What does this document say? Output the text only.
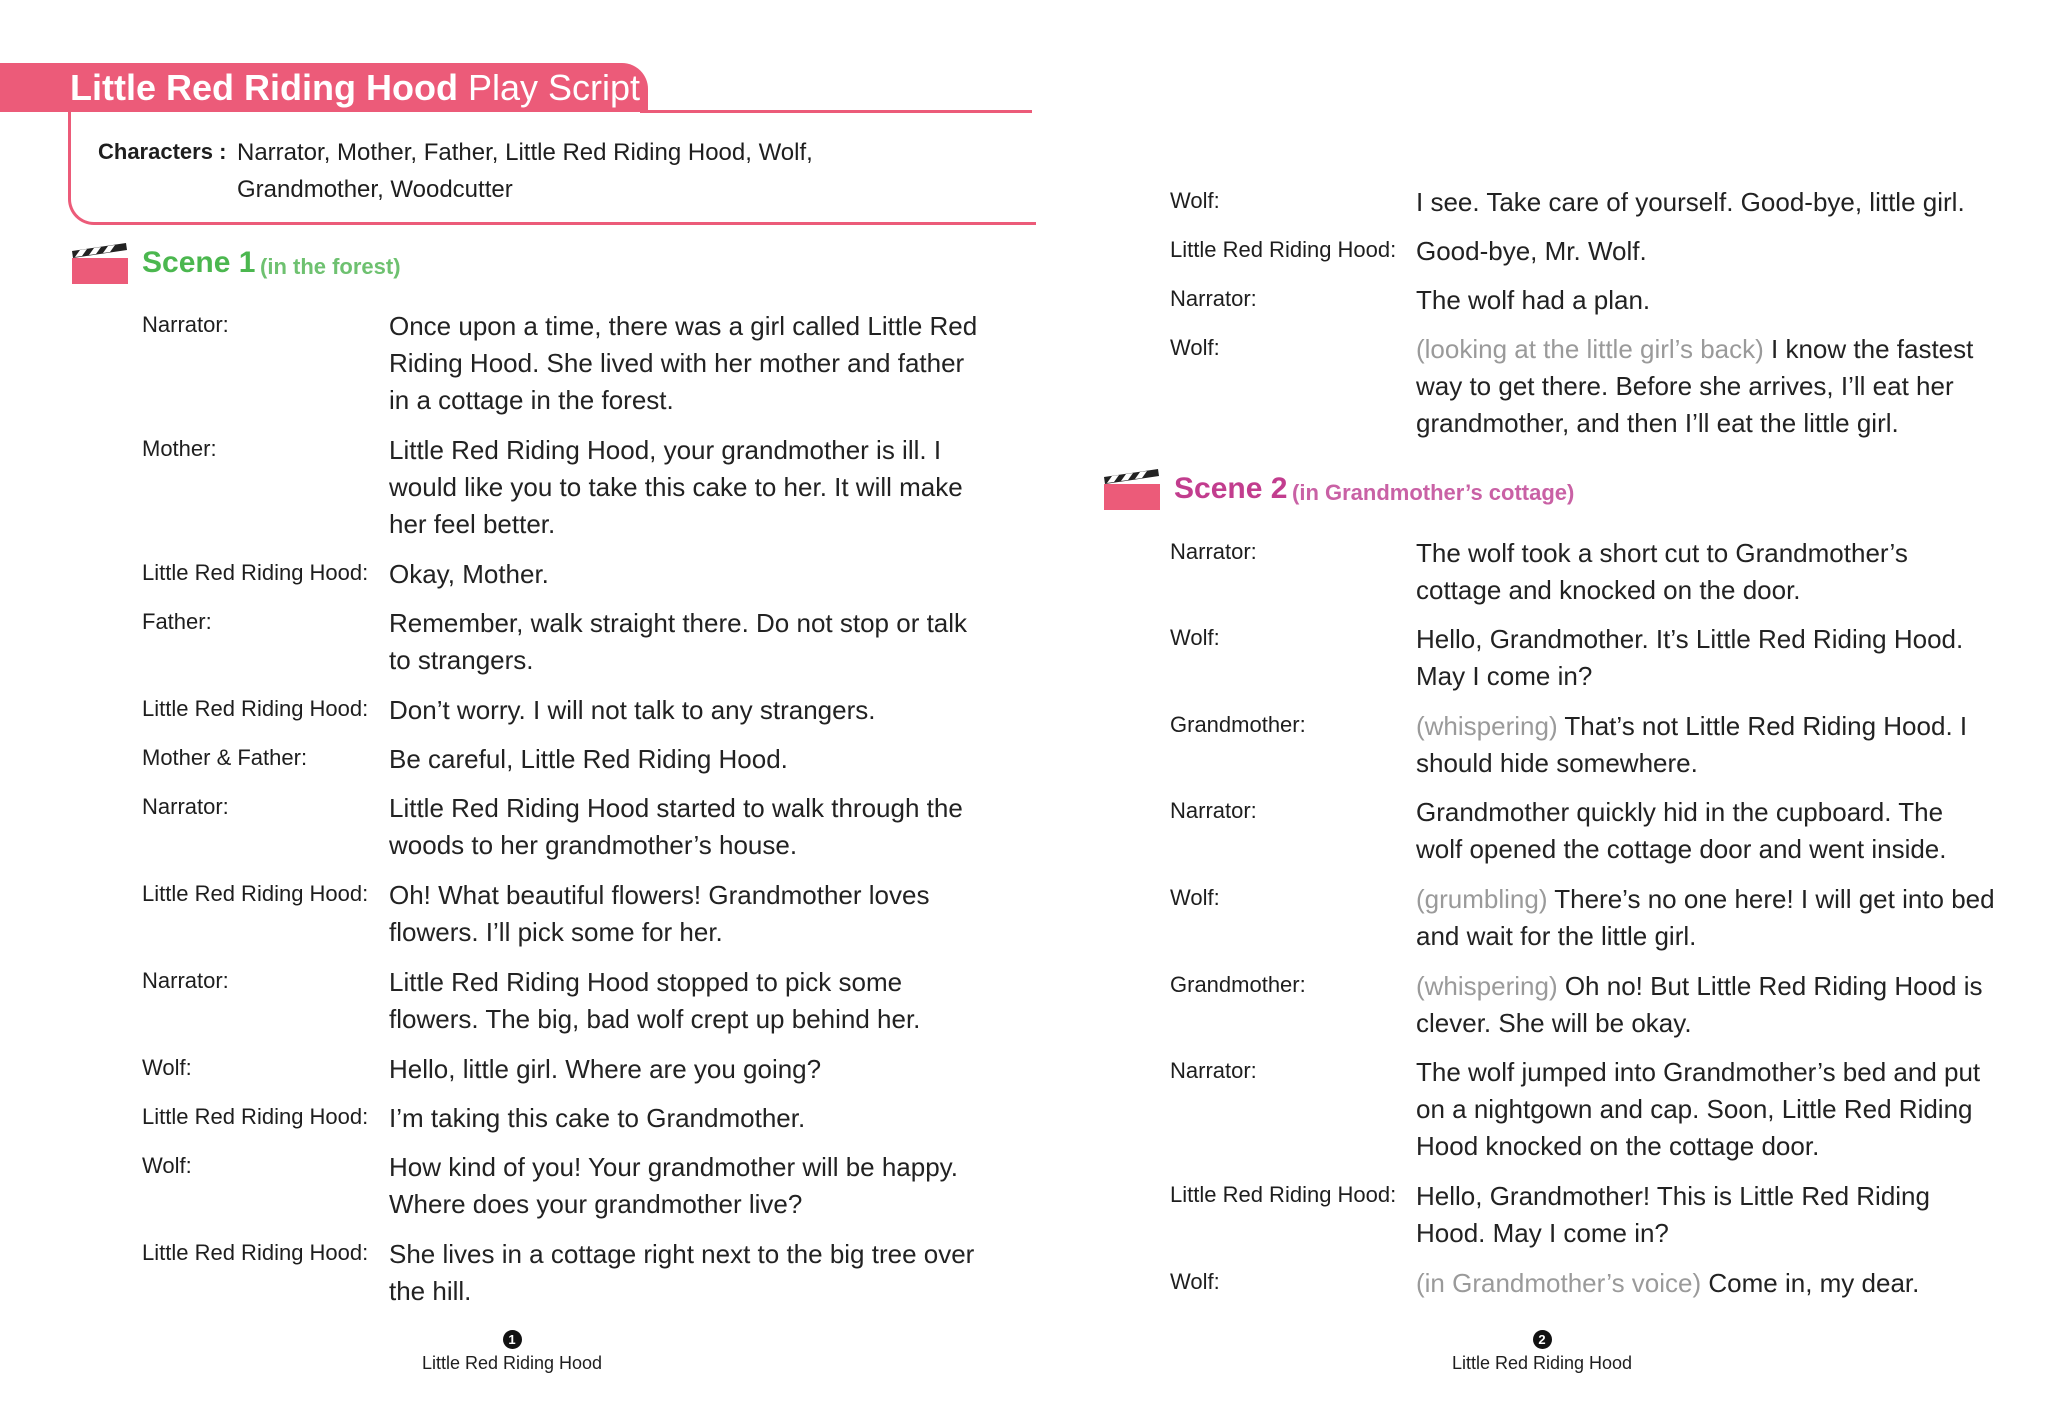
Little Red Riding Hood Play Script
Characters : Narrator, Mother, Father, Little Red Riding Hood, Wolf, Grandmother, Woodcutter
Scene 1 (in the forest)
Scene 2 (in Grandmother’s cottage)
Narrator:	Once upon a time, there was a girl called Little Red Riding Hood. She lived with her mother and father in a cottage in the forest.
Mother:	Little Red Riding Hood, your grandmother is ill. I would like you to take this cake to her. It will make her feel better.
Little Red Riding Hood: Okay, Mother.
Father:	Remember, walk straight there. Do not stop or talk to strangers.
Little Red Riding Hood: Don’t worry. I will not talk to any strangers.
Mother & Father:	Be careful, Little Red Riding Hood.
Narrator:	Little Red Riding Hood started to walk through the woods to her grandmother’s house.
Little Red Riding Hood: Oh! What beautiful flowers! Grandmother loves flowers. I’ll pick some for her.
Narrator:	Little Red Riding Hood stopped to pick some flowers. The big, bad wolf crept up behind her.
Wolf:	Hello, little girl. Where are you going?
Little Red Riding Hood: I’m taking this cake to Grandmother.
Wolf:	How kind of you! Your grandmother will be happy. Where does your grandmother live?
Little Red Riding Hood: She lives in a cottage right next to the big tree over the hill.
Wolf:	I see. Take care of yourself. Good-bye, little girl.
Little Red Riding Hood: Good-bye, Mr. Wolf.
Narrator:	The wolf had a plan.
Wolf:	(looking at the little girl’s back) I know the fastest way to get there. Before she arrives, I’ll eat her grandmother, and then I’ll eat the little girl.
Narrator:	The wolf took a short cut to Grandmother’s cottage and knocked on the door.
Wolf:	Hello, Grandmother. It’s Little Red Riding Hood. May I come in?
Grandmother:	(whispering) That’s not Little Red Riding Hood. I should hide somewhere.
Narrator:	Grandmother quickly hid in the cupboard. The wolf opened the cottage door and went inside.
Wolf:	(grumbling) There’s no one here! I will get into bed and wait for the little girl.
Grandmother:	(whispering) Oh no! But Little Red Riding Hood is clever. She will be okay.
Narrator:	The wolf jumped into Grandmother’s bed and put on a nightgown and cap. Soon, Little Red Riding Hood knocked on the cottage door.
Little Red Riding Hood: Hello, Grandmother! This is Little Red Riding Hood. May I come in?
Wolf:	(in Grandmother’s voice) Come in, my dear.
1
Little Red Riding Hood
2
Little Red Riding Hood
